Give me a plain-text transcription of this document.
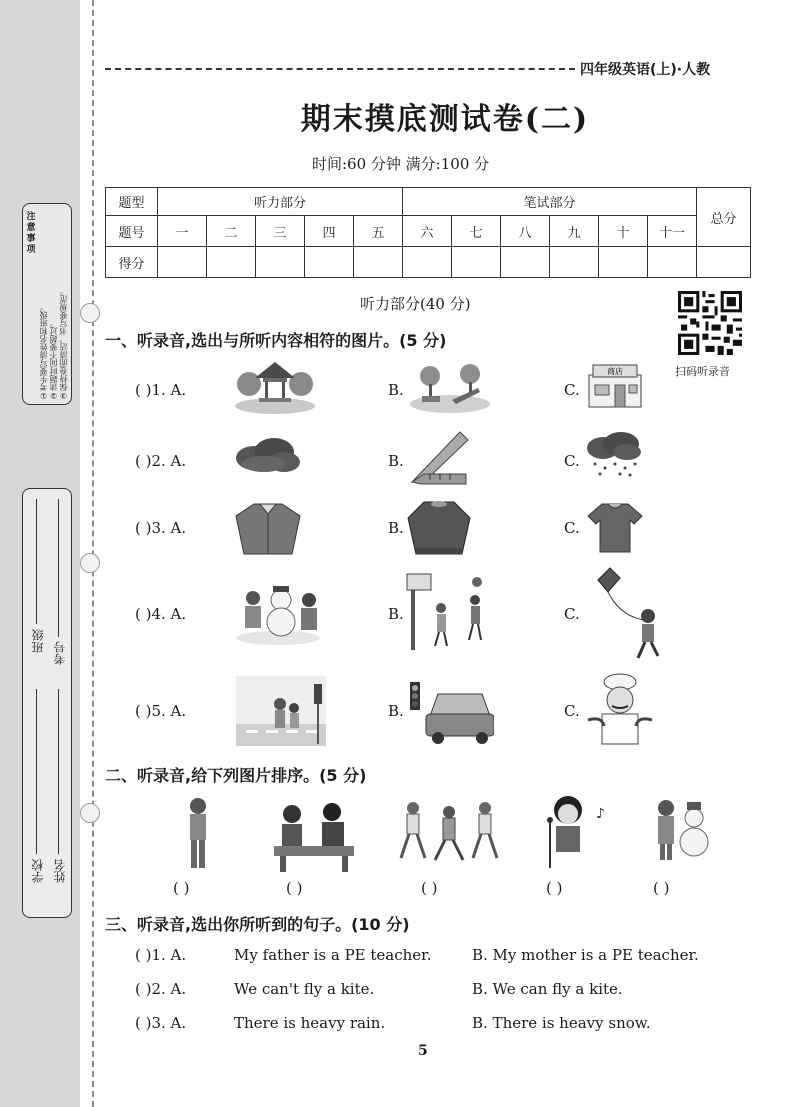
注意事项
①考生要写清姓名和班级。 ②读题时间不要超过。 ③保持卷面清洁，书写要规范。
班级 考号
学校 姓名
四年级英语(上)·人教
期末摸底测试卷(二)
时间:60 分钟 满分:100 分
题型	听力部分					笔试部分						总分
题号	一	二	三	四	五	六	七	八	九	十	十一	
得分												
听力部分(40 分)
扫码听录音
一、听录音,选出与所听内容相符的图片。(5 分)
( )1. A.	B.	C.
商店
( )2. A.	B.	C.
( )3. A.	B.	C.
( )4. A.	B.	C.
( )5. A.	B.	C.
二、听录音,给下列图片排序。(5 分)
♪
( )	( )	( )	( )	( )
三、听录音,选出你所听到的句子。(10 分)
( )1. A.	My father is a PE teacher.	B. My mother is a PE teacher.
( )2. A.	We can't fly a kite.	B. We can fly a kite.
( )3. A.	There is heavy rain.	B. There is heavy snow.
5
